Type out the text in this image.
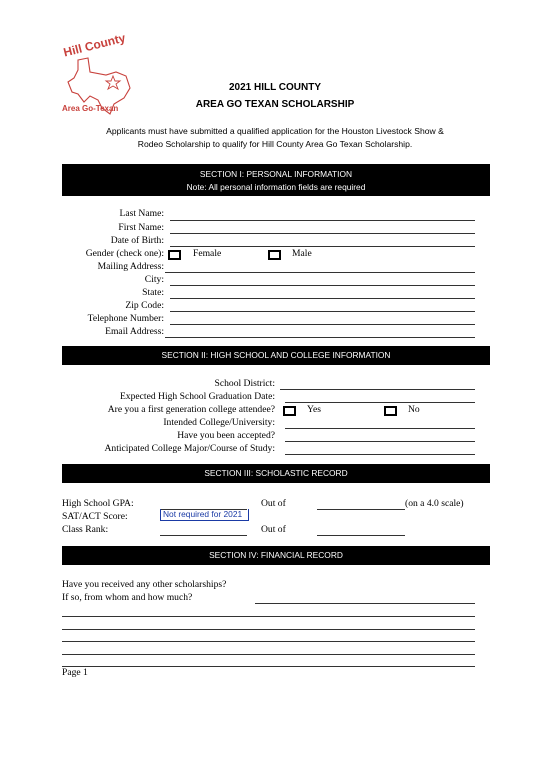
Hill County
Area Go-Texan
2021 HILL COUNTY
AREA GO TEXAN SCHOLARSHIP
Applicants must have submitted a qualified application for the Houston Livestock Show &
Rodeo Scholarship to qualify for Hill County Area Go Texan Scholarship.
SECTION I: PERSONAL INFORMATION
Note: All personal information fields are required
Last Name:
First Name:
Date of Birth:
Gender (check one):	Female	Male
Mailing Address:
City:
State:
Zip Code:
Telephone Number:
Email Address:
SECTION II: HIGH SCHOOL AND COLLEGE INFORMATION
School District:
Expected High School Graduation Date:
Are you a first generation college attendee?	Yes	No
Intended College/University:
Have you been accepted?
Anticipated College Major/Course of Study:
SECTION III: SCHOLASTIC RECORD
High School GPA:	Out of	(on a 4.0 scale)
SAT/ACT Score:	Not required for 2021
Class Rank:	Out of
SECTION IV: FINANCIAL RECORD
Have you received any other scholarships?
If so, from whom and how much?
Page 1
